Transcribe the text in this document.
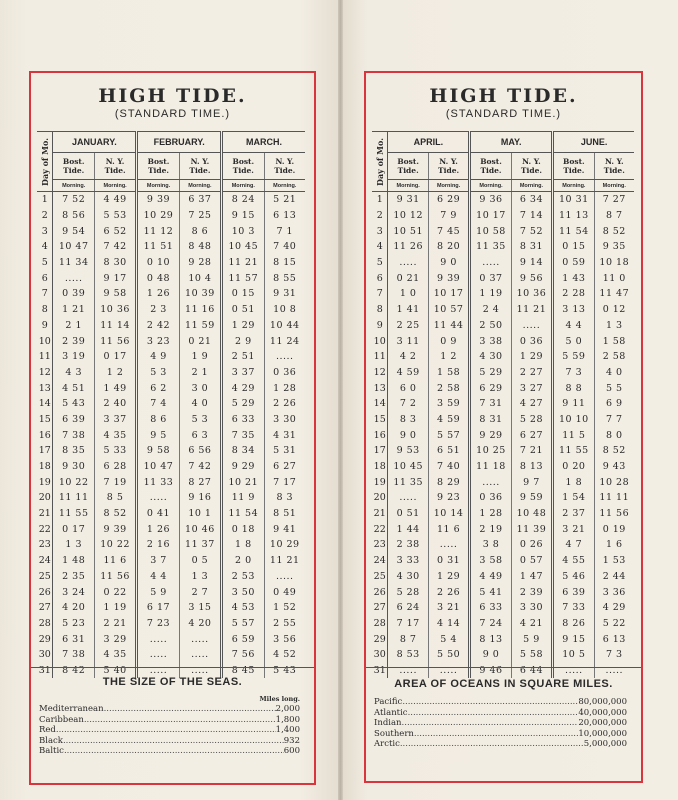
HIGH TIDE.
(STANDARD TIME.)
Day of Mo.	JANUARY.		FEBRUARY.		MARCH.	
	Bost. Tide.	N. Y. Tide.	Bost. Tide.	N. Y. Tide.	Bost. Tide.	N. Y. Tide.
	Morning.	Morning.	Morning.	Morning.	Morning.	Morning.
1	7 52	4 49	9 39	6 37	8 24	5 21
2	8 56	5 53	10 29	7 25	9 15	6 13
3	9 54	6 52	11 12	8 6	10 3	7 1
4	10 47	7 42	11 51	8 48	10 45	7 40
5	11 34	8 30	0 10	9 28	11 21	8 15
6	.....	9 17	0 48	10 4	11 57	8 55
7	0 39	9 58	1 26	10 39	0 15	9 31
8	1 21	10 36	2 3	11 16	0 51	10 8
9	2 1	11 14	2 42	11 59	1 29	10 44
10	2 39	11 56	3 23	0 21	2 9	11 24
11	3 19	0 17	4 9	1 9	2 51	.....
12	4 3	1 2	5 3	2 1	3 37	0 36
13	4 51	1 49	6 2	3 0	4 29	1 28
14	5 43	2 40	7 4	4 0	5 29	2 26
15	6 39	3 37	8 6	5 3	6 33	3 30
16	7 38	4 35	9 5	6 3	7 35	4 31
17	8 35	5 33	9 58	6 56	8 34	5 31
18	9 30	6 28	10 47	7 42	9 29	6 27
19	10 22	7 19	11 33	8 27	10 21	7 17
20	11 11	8 5	.....	9 16	11 9	8 3
21	11 55	8 52	0 41	10 1	11 54	8 51
22	0 17	9 39	1 26	10 46	0 18	9 41
23	1 3	10 22	2 16	11 37	1 8	10 29
24	1 48	11 6	3 7	0 5	2 0	11 21
25	2 35	11 56	4 4	1 3	2 53	.....
26	3 24	0 22	5 9	2 7	3 50	0 49
27	4 20	1 19	6 17	3 15	4 53	1 52
28	5 23	2 21	7 23	4 20	5 57	2 55
29	6 31	3 29	.....	.....	6 59	3 56
30	7 38	4 35	.....	.....	7 56	4 52
31	8 42	5 40	.....	.....	8 45	5 43
THE SIZE OF THE SEAS.
Miles long.
Mediterranean .....	2,000
Caribbean .....	1,800
Red .....	1,400
Black .....	932
Baltic .....	600
HIGH TIDE.
(STANDARD TIME.)
Day of Mo.	APRIL.		MAY.		JUNE.	
	Bost. Tide.	N. Y. Tide.	Bost. Tide.	N. Y. Tide.	Bost. Tide.	N. Y. Tide.
	Morning.	Morning.	Morning.	Morning.	Morning.	Morning.
1	9 31	6 29	9 36	6 34	10 31	7 27
2	10 12	7 9	10 17	7 14	11 13	8 7
3	10 51	7 45	10 58	7 52	11 54	8 52
4	11 26	8 20	11 35	8 31	0 15	9 35
5	.....	9 0	.....	9 14	0 59	10 18
6	0 21	9 39	0 37	9 56	1 43	11 0
7	1 0	10 17	1 19	10 36	2 28	11 47
8	1 41	10 57	2 4	11 21	3 13	0 12
9	2 25	11 44	2 50	.....	4 4	1 3
10	3 11	0 9	3 38	0 36	5 0	1 58
11	4 2	1 2	4 30	1 29	5 59	2 58
12	4 59	1 58	5 29	2 27	7 3	4 0
13	6 0	2 58	6 29	3 27	8 8	5 5
14	7 2	3 59	7 31	4 27	9 11	6 9
15	8 3	4 59	8 31	5 28	10 10	7 7
16	9 0	5 57	9 29	6 27	11 5	8 0
17	9 53	6 51	10 25	7 21	11 55	8 52
18	10 45	7 40	11 18	8 13	0 20	9 43
19	11 35	8 29	.....	9 7	1 8	10 28
20	.....	9 23	0 36	9 59	1 54	11 11
21	0 51	10 14	1 28	10 48	2 37	11 56
22	1 44	11 6	2 19	11 39	3 21	0 19
23	2 38	.....	3 8	0 26	4 7	1 6
24	3 33	0 31	3 58	0 57	4 55	1 53
25	4 30	1 29	4 49	1 47	5 46	2 44
26	5 28	2 26	5 41	2 39	6 39	3 36
27	6 24	3 21	6 33	3 30	7 33	4 29
28	7 17	4 14	7 24	4 21	8 26	5 22
29	8 7	5 4	8 13	5 9	9 15	6 13
30	8 53	5 50	9 0	5 58	10 5	7 3
31	.....	.....	9 46	6 44	.....	.....
AREA OF OCEANS IN SQUARE MILES.
Pacific .....	80,000,000
Atlantic .....	40,000,000
Indian .....	20,000,000
Southern .....	10,000,000
Arctic .....	5,000,000
